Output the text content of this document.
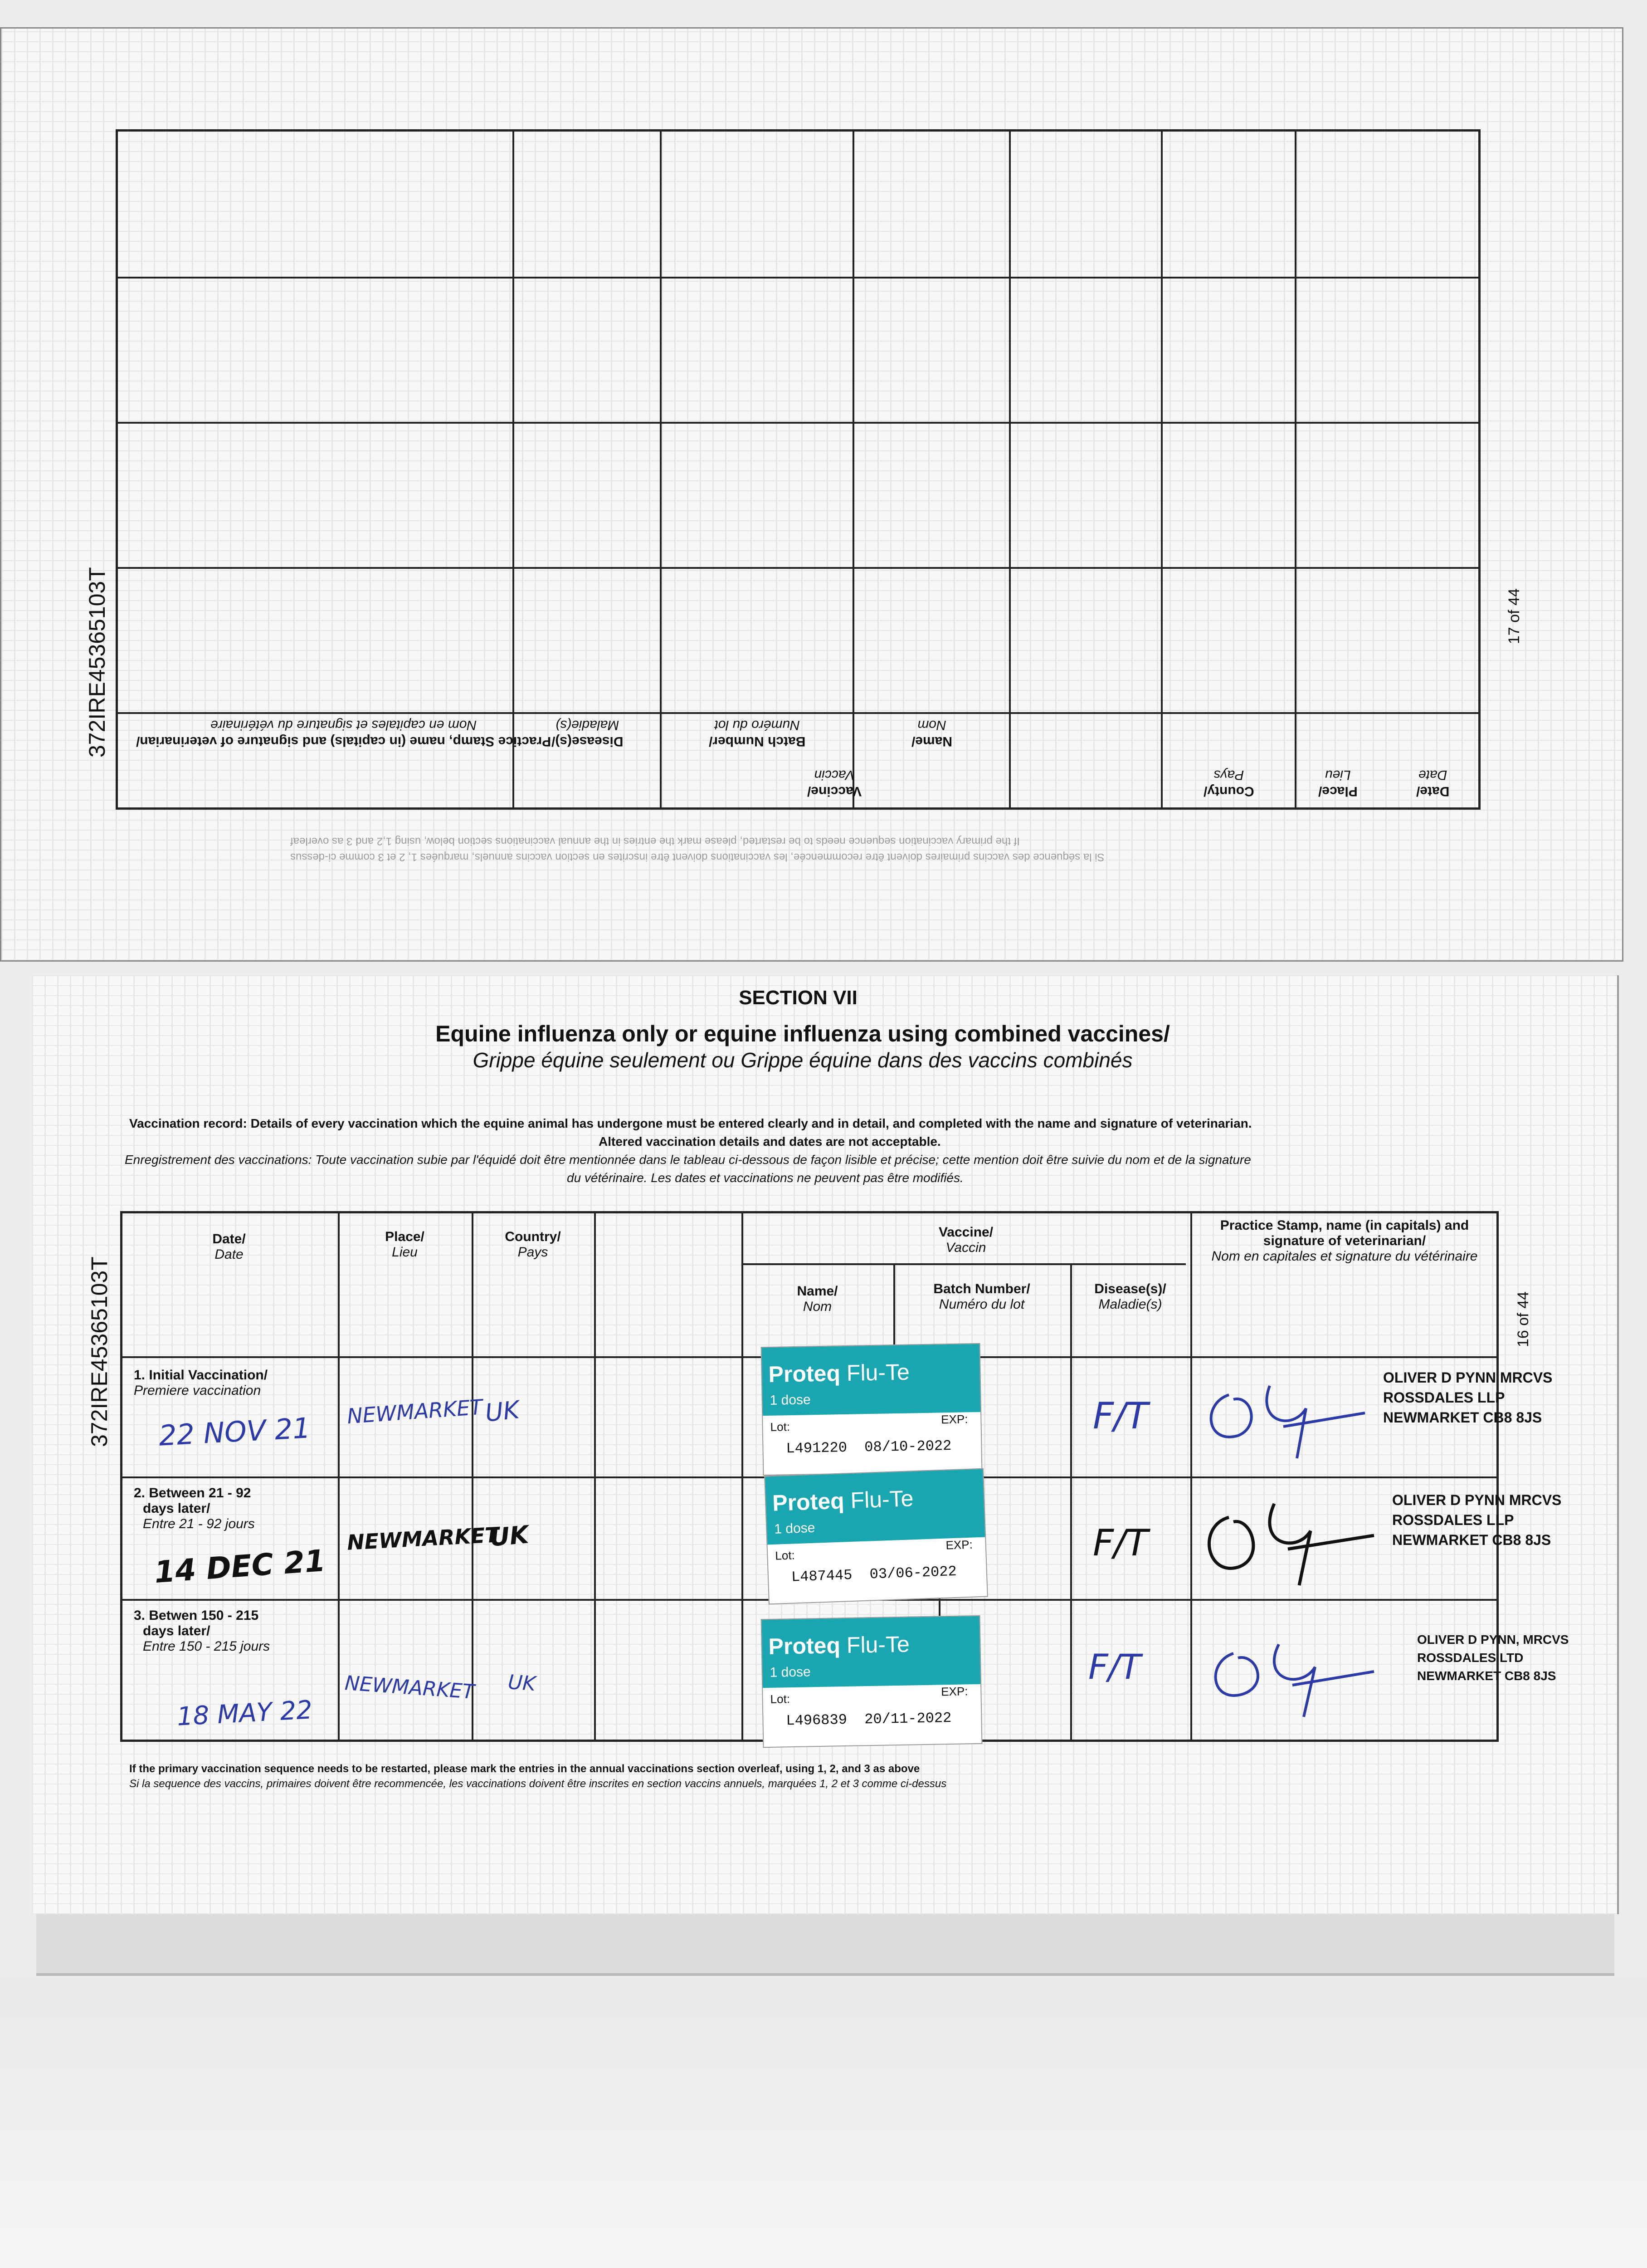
Practice Stamp, name (in capitals) and signature of veterinarian/
Nom en capitales et signature du vétérinaire
Disease(s)/
Maladie(s)
Batch Number/
Numéro du lot
Name/
Nom
Vaccine/
Vaccin
County/
Pays
Place/
Lieu
Date/
Date
If the primary vaccination sequence needs to be restarted, please mark the entries in the annual vaccinations section below, using 1,2 and 3 as overleaf
Si la séquence des vaccins primaires doivent être recommencée, les vaccinations doivent être inscrites en section vaccins annuels, marquées 1, 2 et 3 comme ci-dessus
372IRE45365103T	17 of 44
SECTION VII
Equine influenza only or equine influenza using combined vaccines/
Grippe équine seulement ou Grippe équine dans des vaccins combinés
Vaccination record: Details of every vaccination which the equine animal has undergone must be entered clearly and in detail, and completed with the name and signature of veterinarian.
Altered vaccination details and dates are not acceptable.
Enregistrement des vaccinations: Toute vaccination subie par l'équidé doit être mentionnée dans le tableau ci-dessous de façon lisible et précise; cette mention doit être suivie du nom et de la signature
du vétérinaire. Les dates et vaccinations ne peuvent pas être modifiés.
372IRE45365103T	16 of 44
Date/
Date
Place/
Lieu
Country/
Pays
Vaccine/
Vaccin
Name/
Nom
Batch Number/
Numéro du lot
Disease(s)/
Maladie(s)
Practice Stamp, name (in capitals) and signature of veterinarian/
Nom en capitales et signature du vétérinaire
1. Initial Vaccination/
Premiere vaccination
22 NOV 21 NEWMARKET UK
Proteq Flu-Te
1 dose
Lot:
EXP:
L491220 08/10-2022
F/T
OLIVER D PYNN MRCVS
ROSSDALES LLP
NEWMARKET CB8 8JS
2. Between 21 - 92
days later/
Entre 21 - 92 jours
14 DEC 21
NEWMARKET
UK
Proteq Flu-Te
1 dose
Lot:
EXP:
L487445 03/06-2022
F/T
OLIVER D PYNN MRCVS
ROSSDALES LLP
NEWMARKET CB8 8JS
3. Betwen 150 - 215
days later/
Entre 150 - 215 jours
18 MAY 22
NEWMARKET UK
Proteq Flu-Te
1 dose
Lot:
EXP:
L496839 20/11-2022
F/T
OLIVER D PYNN, MRCVS
ROSSDALES LTD
NEWMARKET CB8 8JS
If the primary vaccination sequence needs to be restarted, please mark the entries in the annual vaccinations section overleaf, using 1, 2, and 3 as above
Si la sequence des vaccins, primaires doivent être recommencée, les vaccinations doivent être inscrites en section vaccins annuels, marquées 1, 2 et 3 comme ci-dessus
